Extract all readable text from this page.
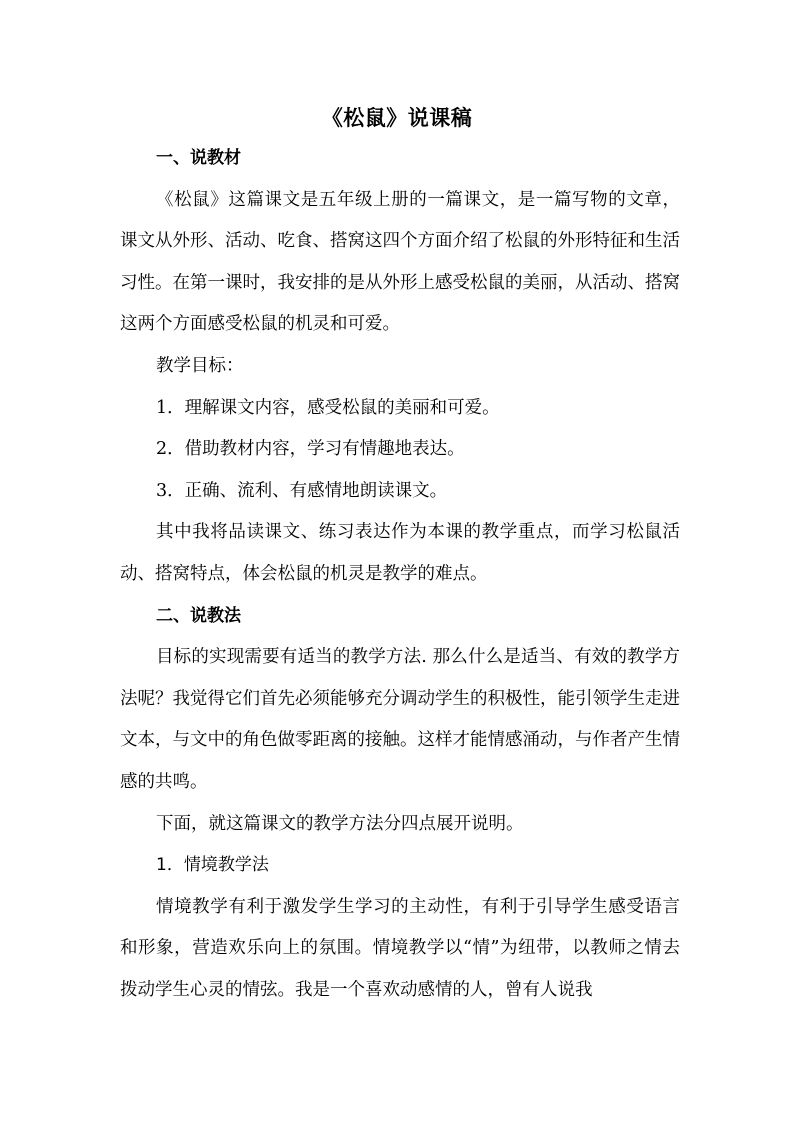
《松鼠》说课稿

一、说教材

《松鼠》这篇课文是五年级上册的一篇课文，是一篇写物的文章，课文从外形、活动、吃食、搭窝这四个方面介绍了松鼠的外形特征和生活习性。在第一课时，我安排的是从外形上感受松鼠的美丽，从活动、搭窝这两个方面感受松鼠的机灵和可爱。

教学目标：

1．理解课文内容，感受松鼠的美丽和可爱。

2．借助教材内容，学习有情趣地表达。

3．正确、流利、有感情地朗读课文。

其中我将品读课文、练习表达作为本课的教学重点，而学习松鼠活动、搭窝特点，体会松鼠的机灵是教学的难点。

二、说教法

目标的实现需要有适当的教学方法. 那么什么是适当、有效的教学方法呢？我觉得它们首先必须能够充分调动学生的积极性，能引领学生走进文本，与文中的角色做零距离的接触。这样才能情感涌动，与作者产生情感的共鸣。

下面，就这篇课文的教学方法分四点展开说明。

1．情境教学法

情境教学有利于激发学生学习的主动性，有利于引导学生感受语言和形象，营造欢乐向上的氛围。情境教学以“情”为纽带，以教师之情去拨动学生心灵的情弦。我是一个喜欢动感情的人，曾有人说我
